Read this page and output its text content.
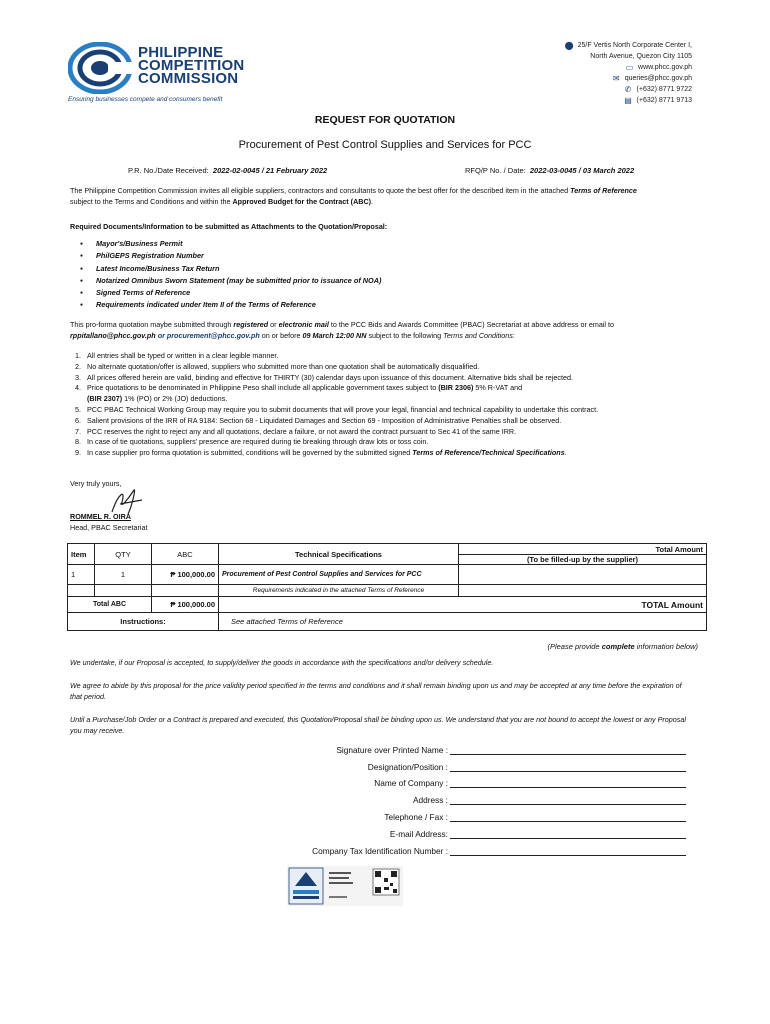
PHILIPPINE
COMPETITION
COMMISSION
Ensuring businesses compete and consumers benefit
⬤ 25/F Vertis North Corporate Center I,
North Avenue, Quezon City 1105
▭ www.phcc.gov.ph
✉ queries@phcc.gov.ph
✆ (+632) 8771 9722
▤ (+632) 8771 9713
REQUEST FOR QUOTATION
Procurement of Pest Control Supplies and Services for PCC
P.R. No./Date Received: 2022-02-0045 / 21 February 2022	RFQ/P No. / Date: 2022-03-0045 / 03 March 2022
The Philippine Competition Commission invites all eligible suppliers, contractors and consultants to quote the best offer for the described item in the attached Terms of Reference
subject to the Terms and Conditions and within the Approved Budget for the Contract (ABC).
Required Documents/Information to be submitted as Attachments to the Quotation/Proposal:
● Mayor's/Business Permit
● PhilGEPS Registration Number
● Latest Income/Business Tax Return
● Notarized Omnibus Sworn Statement (may be submitted prior to issuance of NOA)
● Signed Terms of Reference
● Requirements indicated under Item II of the Terms of Reference
This pro-forma quotation maybe submitted through registered or electronic mail to the PCC Bids and Awards Committee (PBAC) Secretariat at above address or email to
rppitallano@phcc.gov.ph or procurement@phcc.gov.ph on or before 09 March 12:00 NN subject to the following Terms and Conditions:
1. All entries shall be typed or written in a clear legible manner.
2. No alternate quotation/offer is allowed, suppliers who submitted more than one quotation shall be automatically disqualified.
3. All prices offered herein are valid, binding and effective for THIRTY (30) calendar days upon issuance of this document. Alternative bids shall be rejected.
4. Price quotations to be denominated in Philippine Peso shall include all applicable government taxes subject to (BIR 2306) 5% R-VAT and
(BIR 2307) 1% (PO) or 2% (JO) deductions.
5. PCC PBAC Technical Working Group may require you to submit documents that will prove your legal, financial and technical capability to undertake this contract.
6. Salient provisions of the IRR of RA 9184: Section 68 - Liquidated Damages and Section 69 - Imposition of Administrative Penalties shall be observed.
7. PCC reserves the right to reject any and all quotations, declare a failure, or not award the contract pursuant to Sec 41 of the same IRR.
8. In case of tie quotations, suppliers' presence are required during tie breaking through draw lots or toss coin.
9. In case supplier pro forma quotation is submitted, conditions will be governed by the submitted signed Terms of Reference/Technical Specifications.
Very truly yours,
ROMMEL R. OIRA
Head, PBAC Secretariat
Item	QTY	ABC	Technical Specifications	Total Amount
(To be filled-up by the supplier)

1	1	₱ 100,000.00	Procurement of Pest Control Supplies and Services for PCC	
			Requirements indicated in the attached Terms of Reference	
Total ABC		₱ 100,000.00	TOTAL Amount	
Instructions:			See attached Terms of Reference	
(Please provide complete information below)
We undertake, if our Proposal is accepted, to supply/deliver the goods in accordance with the specifications and/or delivery schedule.
We agree to abide by this proposal for the price validity period specified in the terms and conditions and it shall remain binding upon us and may be accepted at any time before the expiration of that period.
Until a Purchase/Job Order or a Contract is prepared and executed, this Quotation/Proposal shall be binding upon us. We understand that you are not bound to accept the lowest or any Proposal you may receive.
Signature over Printed Name :
Designation/Position :
Name of Company :
Address :
Telephone / Fax :
E-mail Address:
Company Tax Identification Number :
